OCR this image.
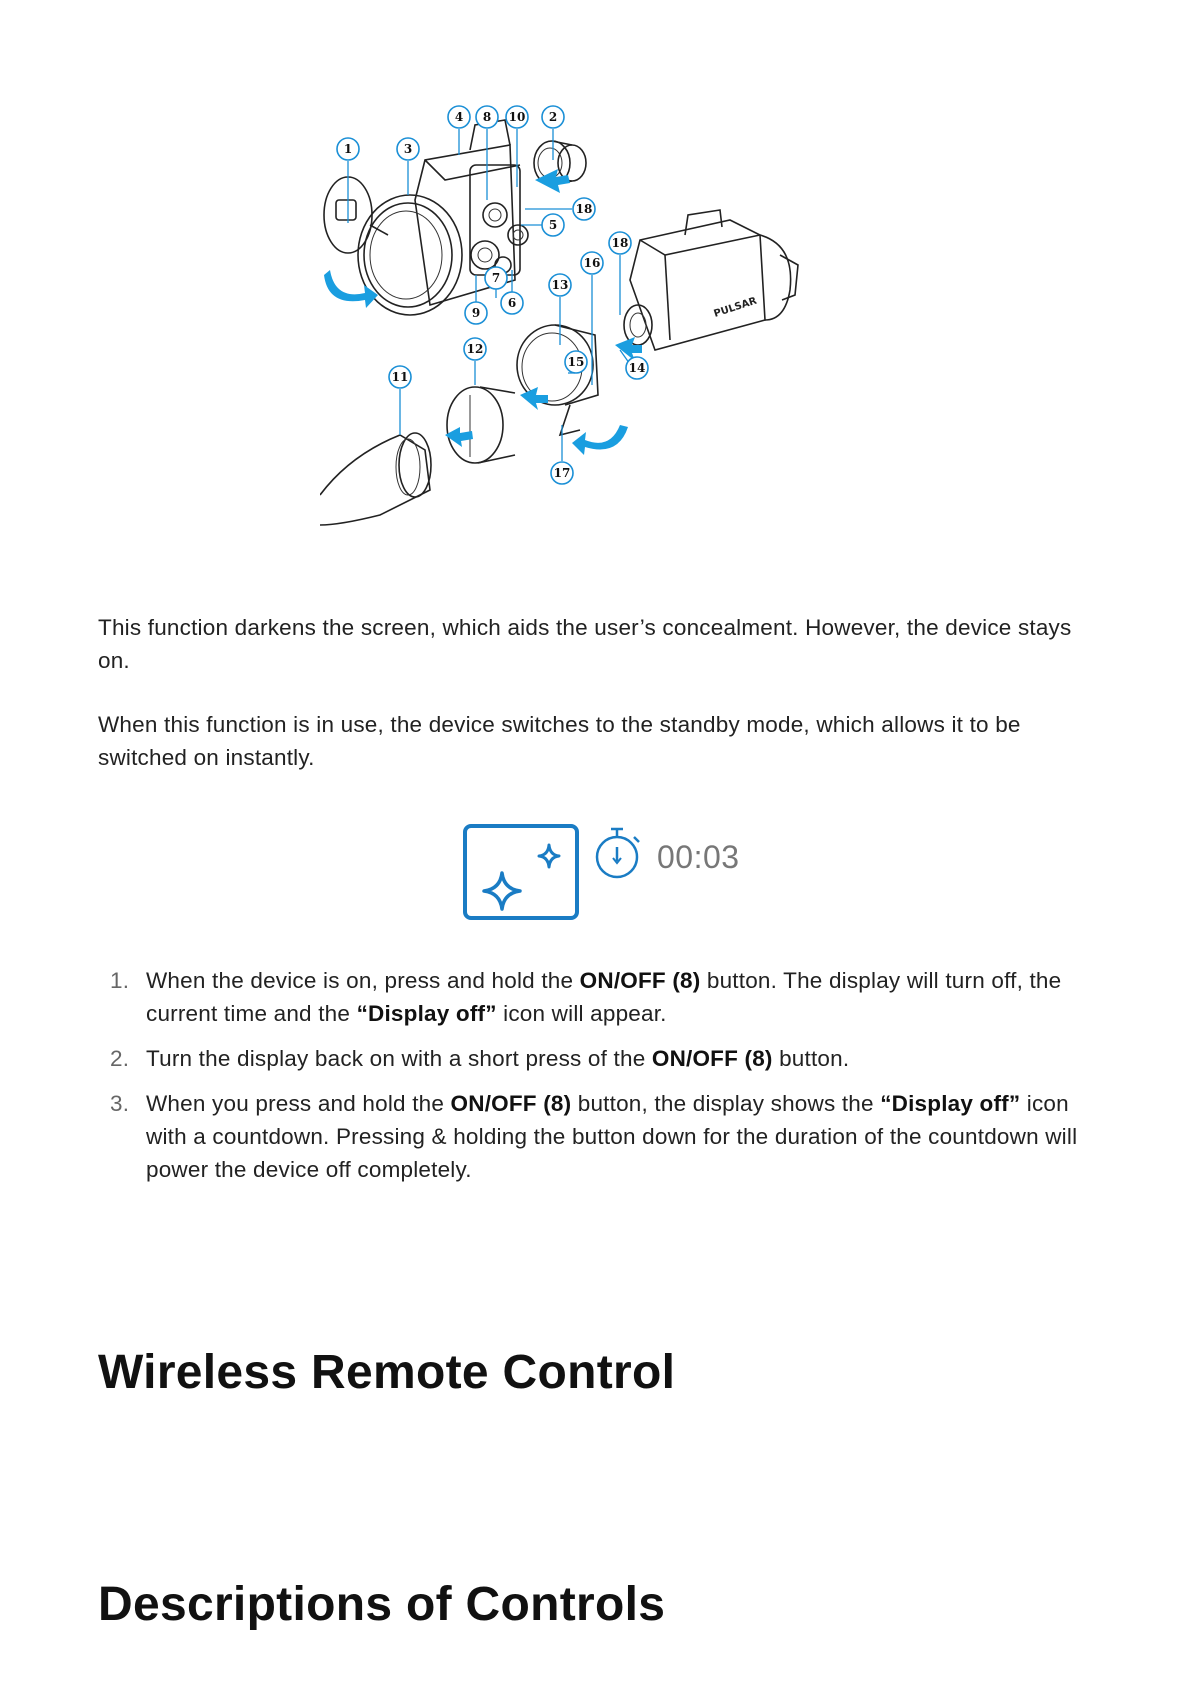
PULSAR
1	3
4 8 10 2
18
5
18
16
13
7
6
9
12
15	14
11
17

This function darkens the screen, which aids the user’s concealment. However, the device stays on.

When this function is in use, the device switches to the standby mode, which allows it to be switched on instantly.

00:03
1. When the device is on, press and hold the ON/OFF (8) button. The display will turn off, the current time and the “Display off” icon will appear.
2. Turn the display back on with a short press of the ON/OFF (8) button.
3. When you press and hold the ON/OFF (8) button, the display shows the “Display off” icon with a countdown. Pressing & holding the button down for the duration of the countdown will power the device off completely.
Wireless Remote Control
Descriptions of Controls
